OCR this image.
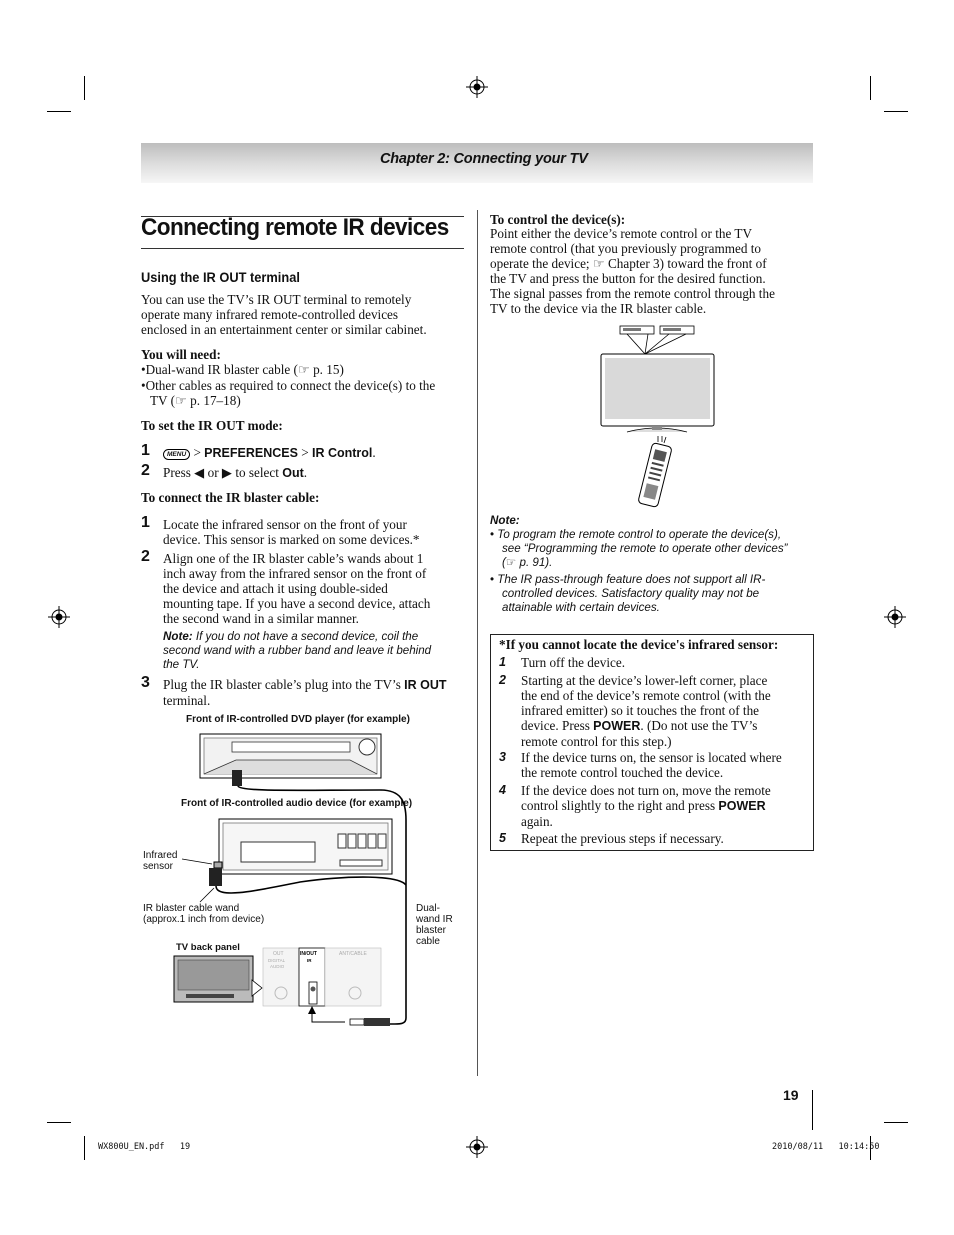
Chapter 2: Connecting your TV
Connecting remote IR devices
Using the IR OUT terminal
You can use the TV’s IR OUT terminal to remotely
operate many infrared remote-controlled devices
enclosed in an entertainment center or similar cabinet.
You will need:
•Dual-wand IR blaster cable (☞ p. 15)
•Other cables as required to connect the device(s) to the
TV (☞ p. 17–18)
To set the IR OUT mode:
1	MENU > PREFERENCES > IR Control.
2 Press ◀ or ▶ to select Out.
To connect the IR blaster cable:
1 Locate the infrared sensor on the front of your
device. This sensor is marked on some devices.*
2 Align one of the IR blaster cable’s wands about 1
inch away from the infrared sensor on the front of
the device and attach it using double-sided
mounting tape. If you have a second device, attach
the second wand in a similar manner.
Note: If you do not have a second device, coil the
second wand with a rubber band and leave it behind
the TV.
3 Plug the IR blaster cable’s plug into the TV’s IR OUT
terminal.
Front of IR-controlled DVD player (for example)
Front of IR-controlled audio device (for example)
Infrared
sensor
IR blaster cable wand
(approx.1 inch from device)
Dual-
wand IR
blaster
cable
TV back panel
OUT	IN/OUT	ANT/CABLE
DIGITAL
AUDIO
IR
To control the device(s):
Point either the device’s remote control or the TV
remote control (that you previously programmed to
operate the device; ☞ Chapter 3) toward the front of
the TV and press the button for the desired function.
The signal passes from the remote control through the
TV to the device via the IR blaster cable.
Note:
• To program the remote control to operate the device(s),
see “Programming the remote to operate other devices”
(☞ p. 91).
• The IR pass-through feature does not support all IR-
controlled devices. Satisfactory quality may not be
attainable with certain devices.
*If you cannot locate the device's infrared sensor:
1 Turn off the device.
2 Starting at the device’s lower-left corner, place
the end of the device’s remote control (with the
infrared emitter) so it touches the front of the
device. Press POWER. (Do not use the TV’s
remote control for this step.)
3 If the device turns on, the sensor is located where
the remote control touched the device.
4 If the device does not turn on, move the remote
control slightly to the right and press POWER
again.
5 Repeat the previous steps if necessary.
19
WX800U_EN.pdf   19	2010/08/11   10:14:50
